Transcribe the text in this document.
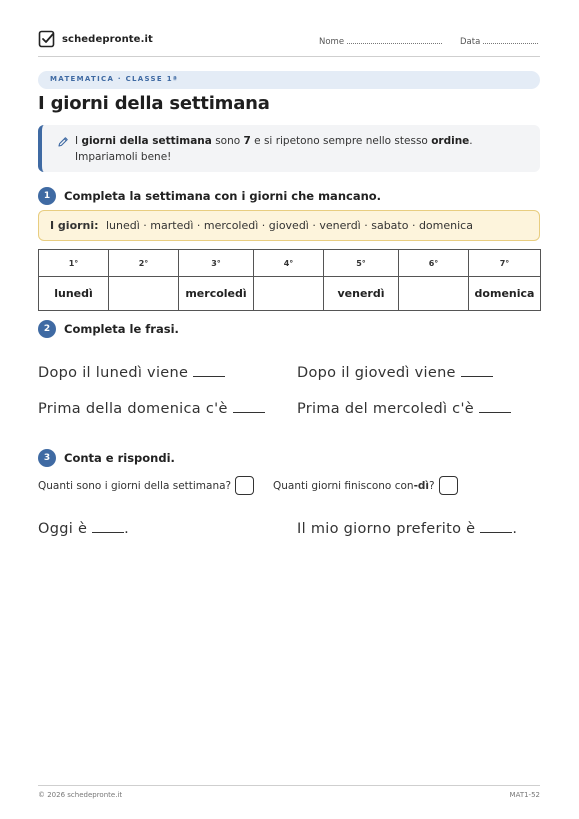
schedepronte.it	Nome	Data
MATEMATICA · CLASSE 1ª
I giorni della settimana
I giorni della settimana sono 7 e si ripetono sempre nello stesso ordine. Impariamoli bene!
1	Completa la settimana con i giorni che mancano.
I giorni: lunedì · martedì · mercoledì · giovedì · venerdì · sabato · domenica
1°	2°	3°	4°	5°	6°	7°
lunedì		mercoledì		venerdì		domenica
2	Completa le frasi.
Dopo il lunedì viene	Dopo il giovedì viene
Prima della domenica c'è	Prima del mercoledì c'è
3	Conta e rispondi.
Quanti sono i giorni della settimana?	Quanti giorni finiscono con -dì ?
Oggi è	.	Il mio giorno preferito è	.
© 2026 schedepronte.it	MAT1-52
